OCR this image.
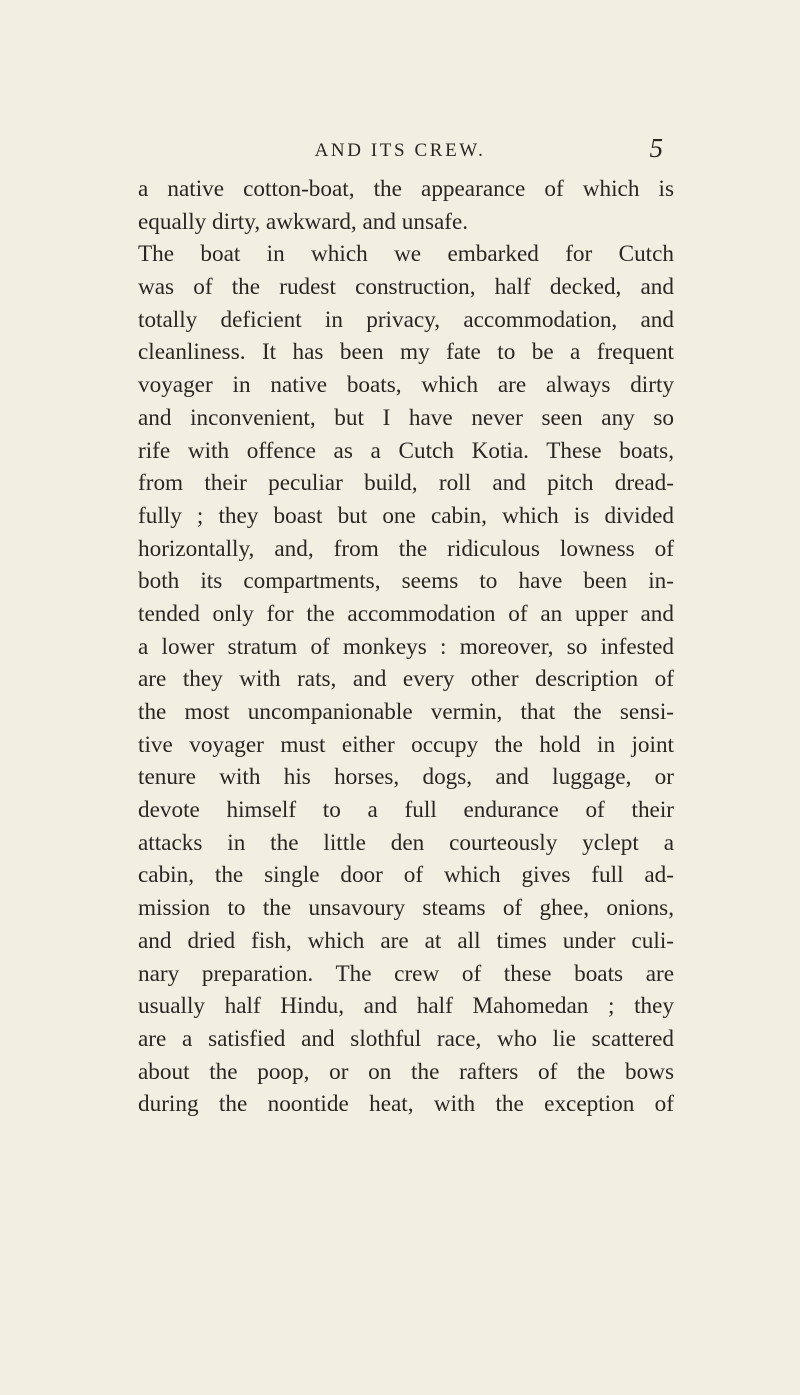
AND ITS CREW.	5
a native cotton-boat, the appearance of which is
equally dirty, awkward, and unsafe.
The boat in which we embarked for Cutch
was of the rudest construction, half decked, and
totally deficient in privacy, accommodation, and
cleanliness. It has been my fate to be a frequent
voyager in native boats, which are always dirty
and inconvenient, but I have never seen any so
rife with offence as a Cutch Kotia. These boats,
from their peculiar build, roll and pitch dread-
fully ; they boast but one cabin, which is divided
horizontally, and, from the ridiculous lowness of
both its compartments, seems to have been in-
tended only for the accommodation of an upper and
a lower stratum of monkeys : moreover, so infested
are they with rats, and every other description of
the most uncompanionable vermin, that the sensi-
tive voyager must either occupy the hold in joint
tenure with his horses, dogs, and luggage, or
devote himself to a full endurance of their
attacks in the little den courteously yclept a
cabin, the single door of which gives full ad-
mission to the unsavoury steams of ghee, onions,
and dried fish, which are at all times under culi-
nary preparation. The crew of these boats are
usually half Hindu, and half Mahomedan ; they
are a satisfied and slothful race, who lie scattered
about the poop, or on the rafters of the bows
during the noontide heat, with the exception of
